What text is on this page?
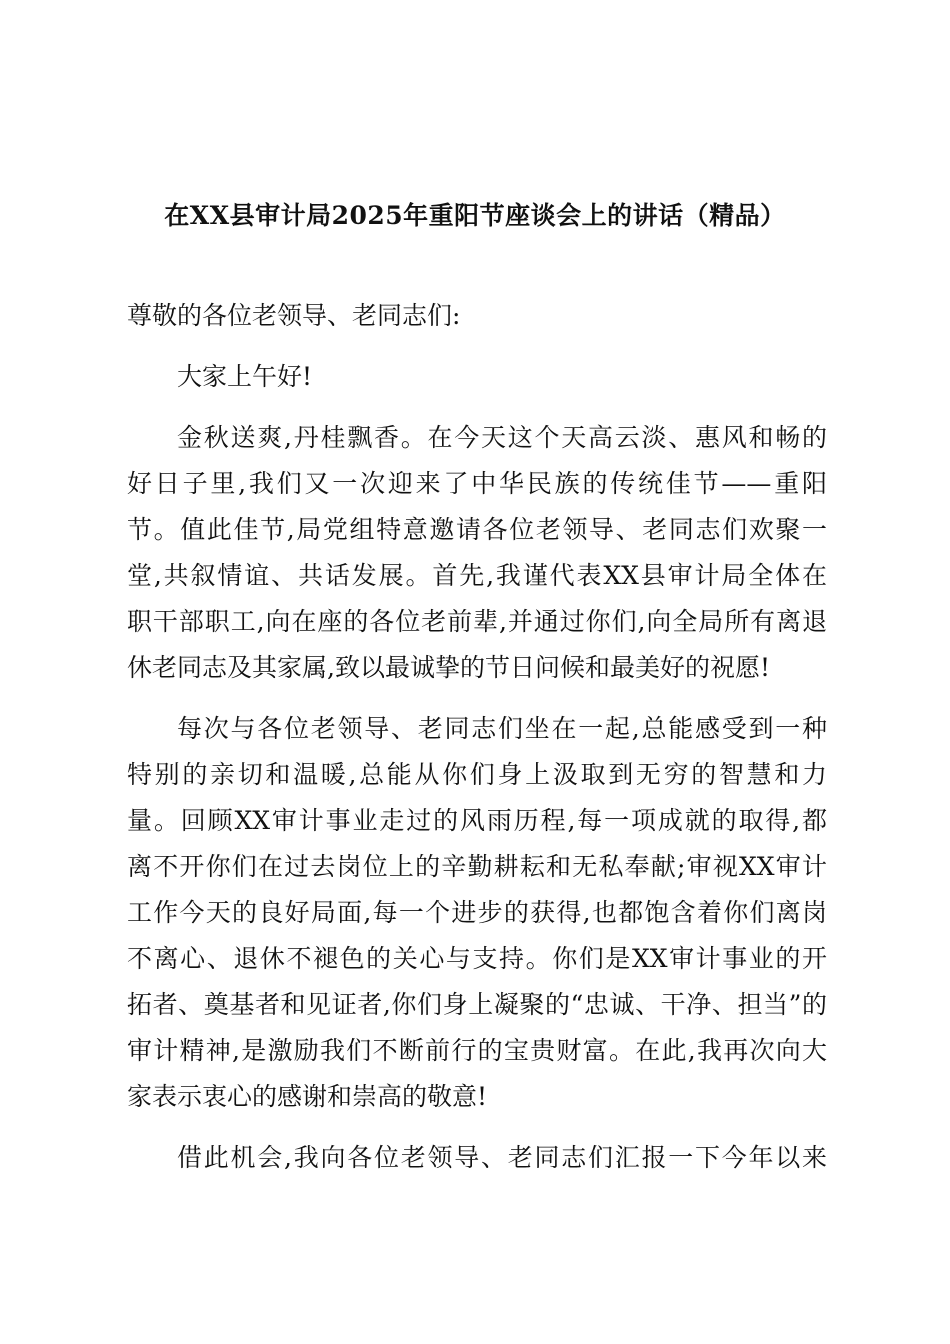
在XX县审计局2025年重阳节座谈会上的讲话（精品）
尊敬的各位老领导、老同志们:
大家上午好!
金秋送爽,丹桂飘香。在今天这个天高云淡、惠风和畅的
好日子里,我们又一次迎来了中华民族的传统佳节——重阳
节。值此佳节,局党组特意邀请各位老领导、老同志们欢聚一
堂,共叙情谊、共话发展。首先,我谨代表XX县审计局全体在
职干部职工,向在座的各位老前辈,并通过你们,向全局所有离退
休老同志及其家属,致以最诚挚的节日问候和最美好的祝愿!
每次与各位老领导、老同志们坐在一起,总能感受到一种
特别的亲切和温暖,总能从你们身上汲取到无穷的智慧和力
量。回顾XX审计事业走过的风雨历程,每一项成就的取得,都
离不开你们在过去岗位上的辛勤耕耘和无私奉献;审视XX审计
工作今天的良好局面,每一个进步的获得,也都饱含着你们离岗
不离心、退休不褪色的关心与支持。你们是XX审计事业的开
拓者、奠基者和见证者,你们身上凝聚的“忠诚、干净、担当”的
审计精神,是激励我们不断前行的宝贵财富。在此,我再次向大
家表示衷心的感谢和崇高的敬意!
借此机会,我向各位老领导、老同志们汇报一下今年以来
